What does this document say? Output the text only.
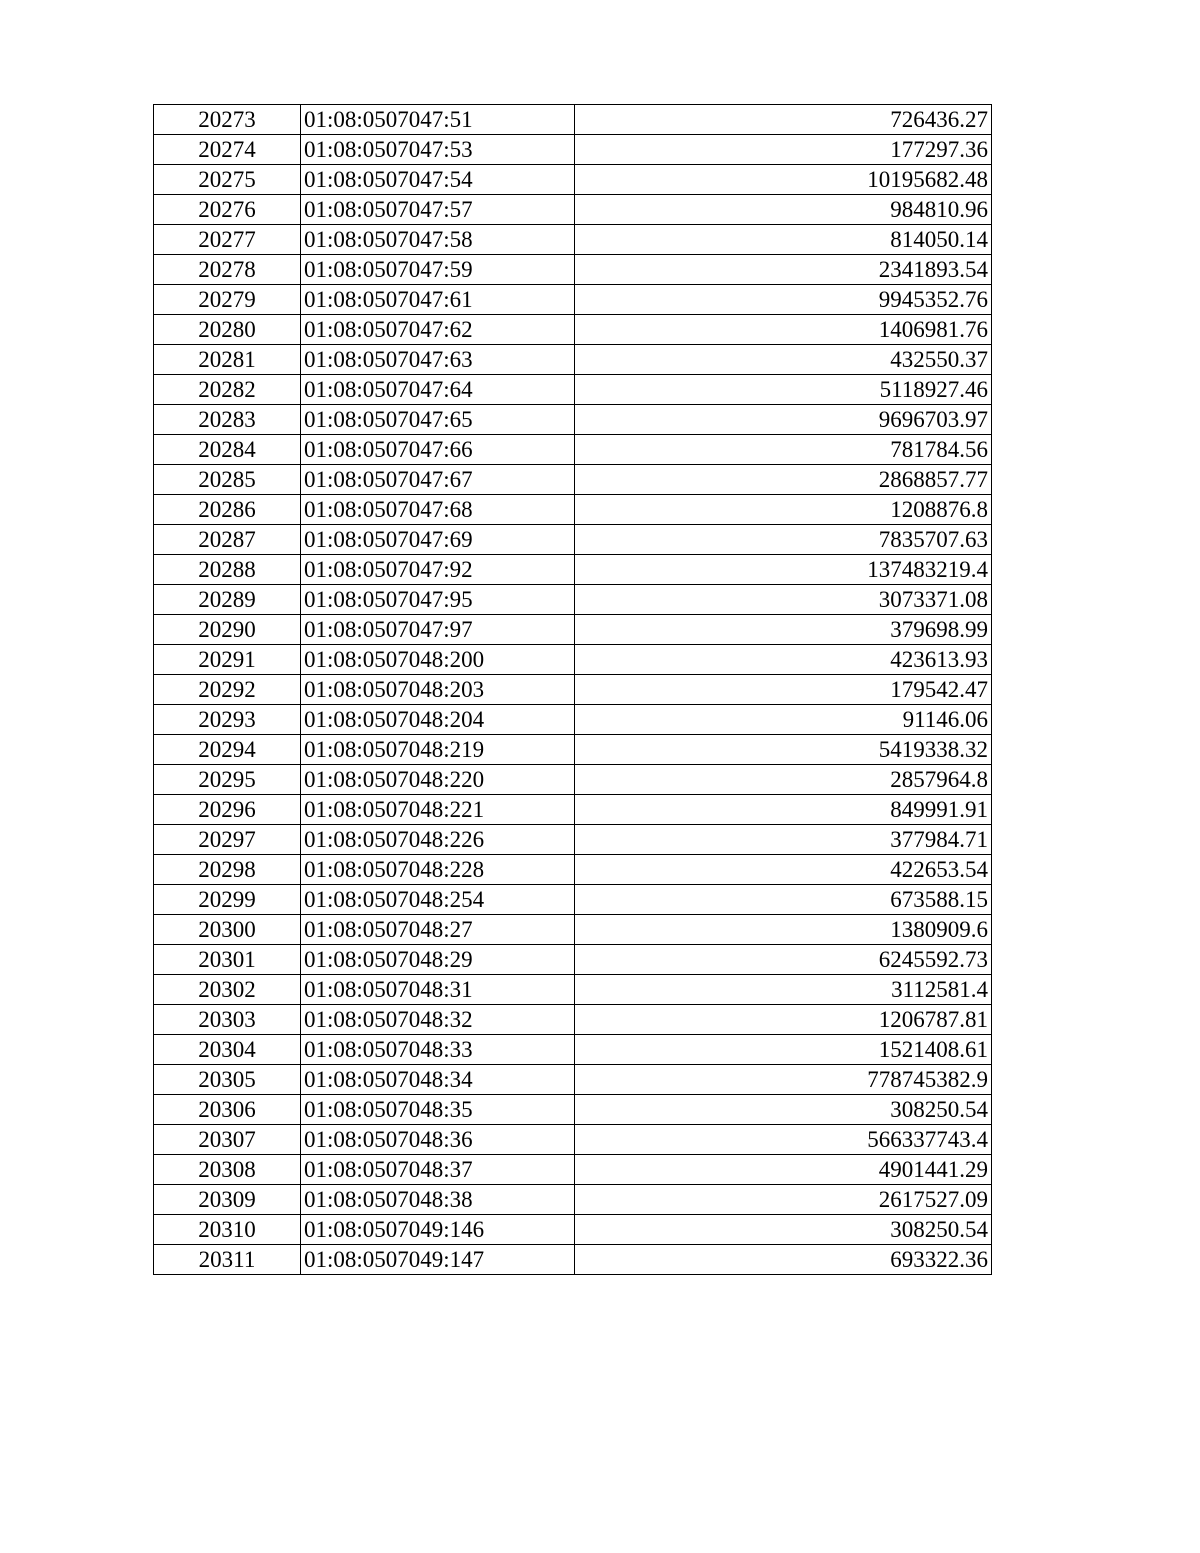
20273	01:08:0507047:51	726436.27
20274	01:08:0507047:53	177297.36
20275	01:08:0507047:54	10195682.48
20276	01:08:0507047:57	984810.96
20277	01:08:0507047:58	814050.14
20278	01:08:0507047:59	2341893.54
20279	01:08:0507047:61	9945352.76
20280	01:08:0507047:62	1406981.76
20281	01:08:0507047:63	432550.37
20282	01:08:0507047:64	5118927.46
20283	01:08:0507047:65	9696703.97
20284	01:08:0507047:66	781784.56
20285	01:08:0507047:67	2868857.77
20286	01:08:0507047:68	1208876.8
20287	01:08:0507047:69	7835707.63
20288	01:08:0507047:92	137483219.4
20289	01:08:0507047:95	3073371.08
20290	01:08:0507047:97	379698.99
20291	01:08:0507048:200	423613.93
20292	01:08:0507048:203	179542.47
20293	01:08:0507048:204	91146.06
20294	01:08:0507048:219	5419338.32
20295	01:08:0507048:220	2857964.8
20296	01:08:0507048:221	849991.91
20297	01:08:0507048:226	377984.71
20298	01:08:0507048:228	422653.54
20299	01:08:0507048:254	673588.15
20300	01:08:0507048:27	1380909.6
20301	01:08:0507048:29	6245592.73
20302	01:08:0507048:31	3112581.4
20303	01:08:0507048:32	1206787.81
20304	01:08:0507048:33	1521408.61
20305	01:08:0507048:34	778745382.9
20306	01:08:0507048:35	308250.54
20307	01:08:0507048:36	566337743.4
20308	01:08:0507048:37	4901441.29
20309	01:08:0507048:38	2617527.09
20310	01:08:0507049:146	308250.54
20311	01:08:0507049:147	693322.36
